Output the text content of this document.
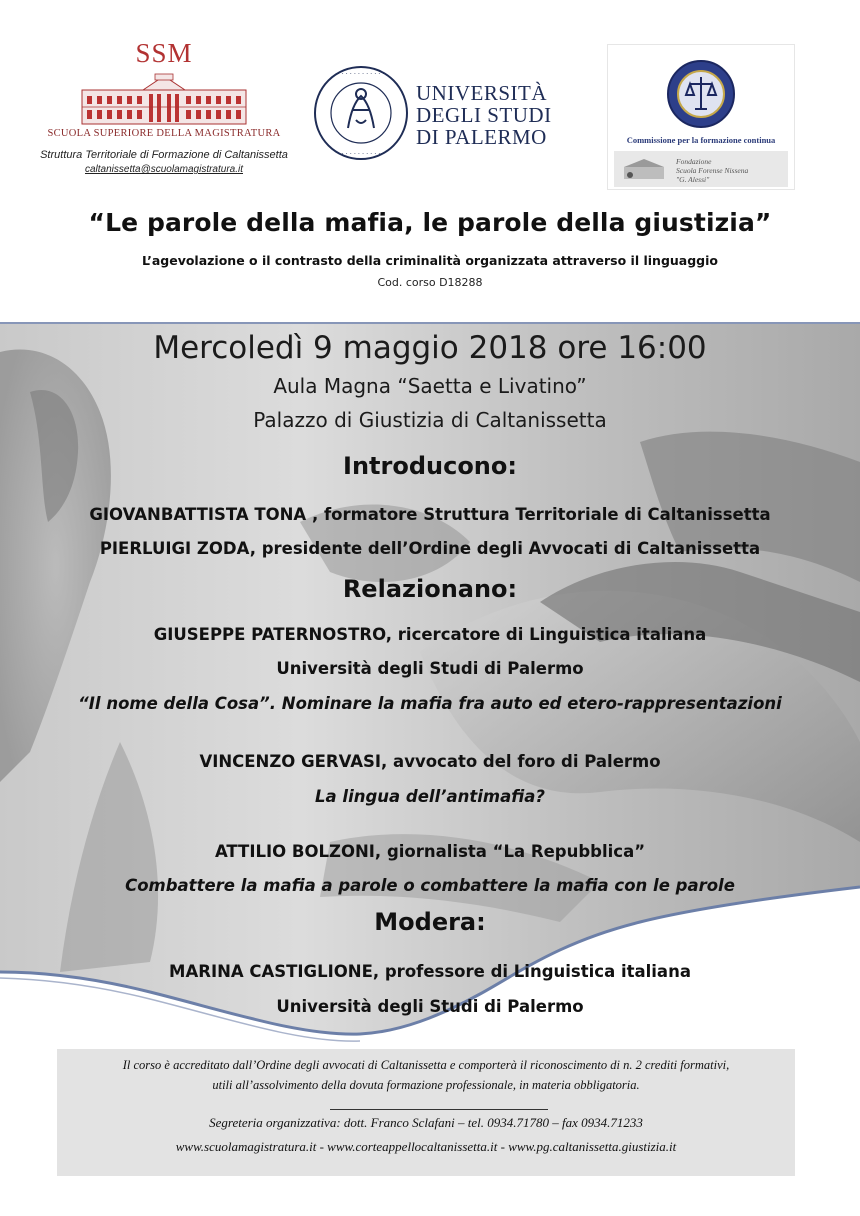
SSM
SCUOLA SUPERIORE DELLA MAGISTRATURA
Struttura Territoriale di Formazione di Caltanissetta
caltanissetta@scuolamagistratura.it
· · · · · · · · · · · ·
· · · · · · · · · · · ·
UNIVERSITÀ
DEGLI STUDI
DI PALERMO	Commissione per la formazione continua
Fondazione
Scuola Forense Nissena
"G. Alessi"
“Le parole della mafia, le parole della giustizia”
L’agevolazione o il contrasto della criminalità organizzata attraverso il linguaggio
Cod. corso D18288
Mercoledì 9 maggio 2018 ore 16:00
Aula Magna “Saetta e Livatino”
Palazzo di Giustizia di Caltanissetta
Introducono:
GIOVANBATTISTA TONA , formatore Struttura Territoriale di Caltanissetta
PIERLUIGI ZODA, presidente dell’Ordine degli Avvocati di Caltanissetta
Relazionano:
GIUSEPPE PATERNOSTRO, ricercatore di Linguistica italiana
Università degli Studi di Palermo
“Il nome della Cosa”. Nominare la mafia fra auto ed etero-rappresentazioni
VINCENZO GERVASI, avvocato del foro di Palermo
La lingua dell’antimafia?
ATTILIO BOLZONI, giornalista “La Repubblica”
Combattere la mafia a parole o combattere la mafia con le parole
Modera:
MARINA CASTIGLIONE, professore di Linguistica italiana
Università degli Studi di Palermo
Il corso è accreditato dall’Ordine degli avvocati di Caltanissetta e comporterà il riconoscimento di n. 2 crediti formativi,
utili all’assolvimento della dovuta formazione professionale, in materia obbligatoria.
Segreteria organizzativa: dott. Franco Sclafani – tel. 0934.71780 – fax 0934.71233
www.scuolamagistratura.it - www.corteappellocaltanissetta.it - www.pg.caltanissetta.giustizia.it
